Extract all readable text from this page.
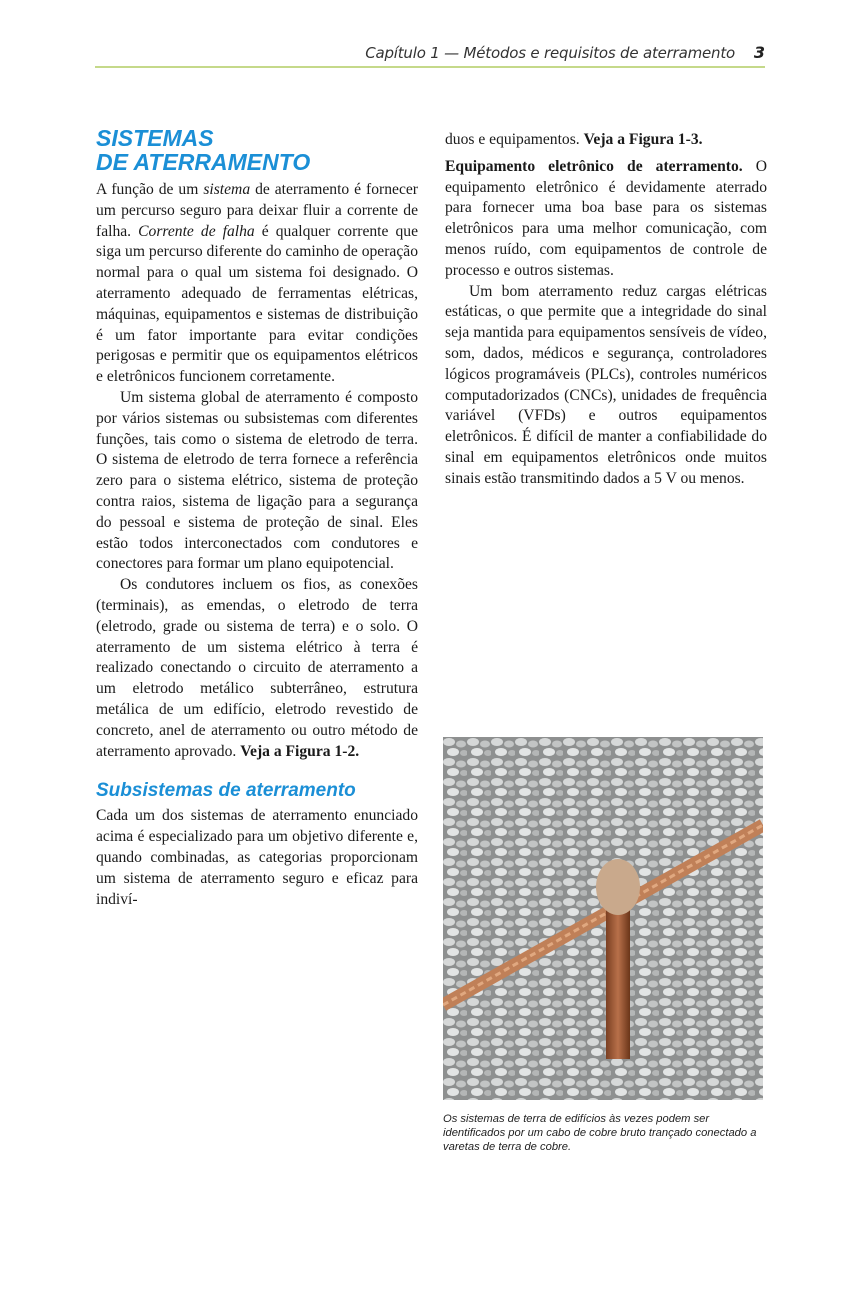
Capítulo 1 — Métodos e requisitos de aterramento 3
SISTEMAS
DE ATERRAMENTO

A função de um sistema de aterramento é fornecer um percurso seguro para deixar fluir a corrente de falha. Corrente de falha é qualquer corrente que siga um percurso diferente do caminho de operação normal para o qual um sistema foi designado. O aterramento adequado de ferramentas elétricas, máquinas, equipamentos e sistemas de distribuição é um fator importante para evitar condições perigosas e permitir que os equipamentos elétricos e eletrônicos funcionem corretamente.

Um sistema global de aterramento é composto por vários sistemas ou subsistemas com diferentes funções, tais como o sistema de eletrodo de terra. O sistema de eletrodo de terra fornece a referência zero para o sistema elétrico, sistema de proteção contra raios, sistema de ligação para a segurança do pessoal e sistema de proteção de sinal. Eles estão todos interconectados com condutores e conectores para formar um plano equipotencial.

Os condutores incluem os fios, as conexões (terminais), as emendas, o eletrodo de terra (eletrodo, grade ou sistema de terra) e o solo. O aterramento de um sistema elétrico à terra é realizado conectando o circuito de aterramento a um eletrodo metálico subterrâneo, estrutura metálica de um edifício, eletrodo revestido de concreto, anel de aterramento ou outro método de aterramento aprovado. Veja a Figura 1-2.

Subsistemas de aterramento

Cada um dos sistemas de aterramento enunciado acima é especializado para um objetivo diferente e, quando combinadas, as categorias proporcionam um sistema de aterramento seguro e eficaz para indiví-

duos e equipamentos. Veja a Figura 1-3.

Equipamento eletrônico de aterramento. O equipamento eletrônico é devidamente aterrado para fornecer uma boa base para os sistemas eletrônicos para uma melhor comunicação, com menos ruído, com equipamentos de controle de processo e outros sistemas.

Um bom aterramento reduz cargas elétricas estáticas, o que permite que a integridade do sinal seja mantida para equipamentos sensíveis de vídeo, som, dados, médicos e segurança, controladores lógicos programáveis (PLCs), controles numéricos computadorizados (CNCs), unidades de frequência variável (VFDs) e outros equipamentos eletrônicos. É difícil de manter a confiabilidade do sinal em equipamentos eletrônicos onde muitos sinais estão transmitindo dados a 5 V ou menos.

Os sistemas de terra de edifícios às vezes podem ser identificados por um cabo de cobre bruto trançado conectado a varetas de terra de cobre.
